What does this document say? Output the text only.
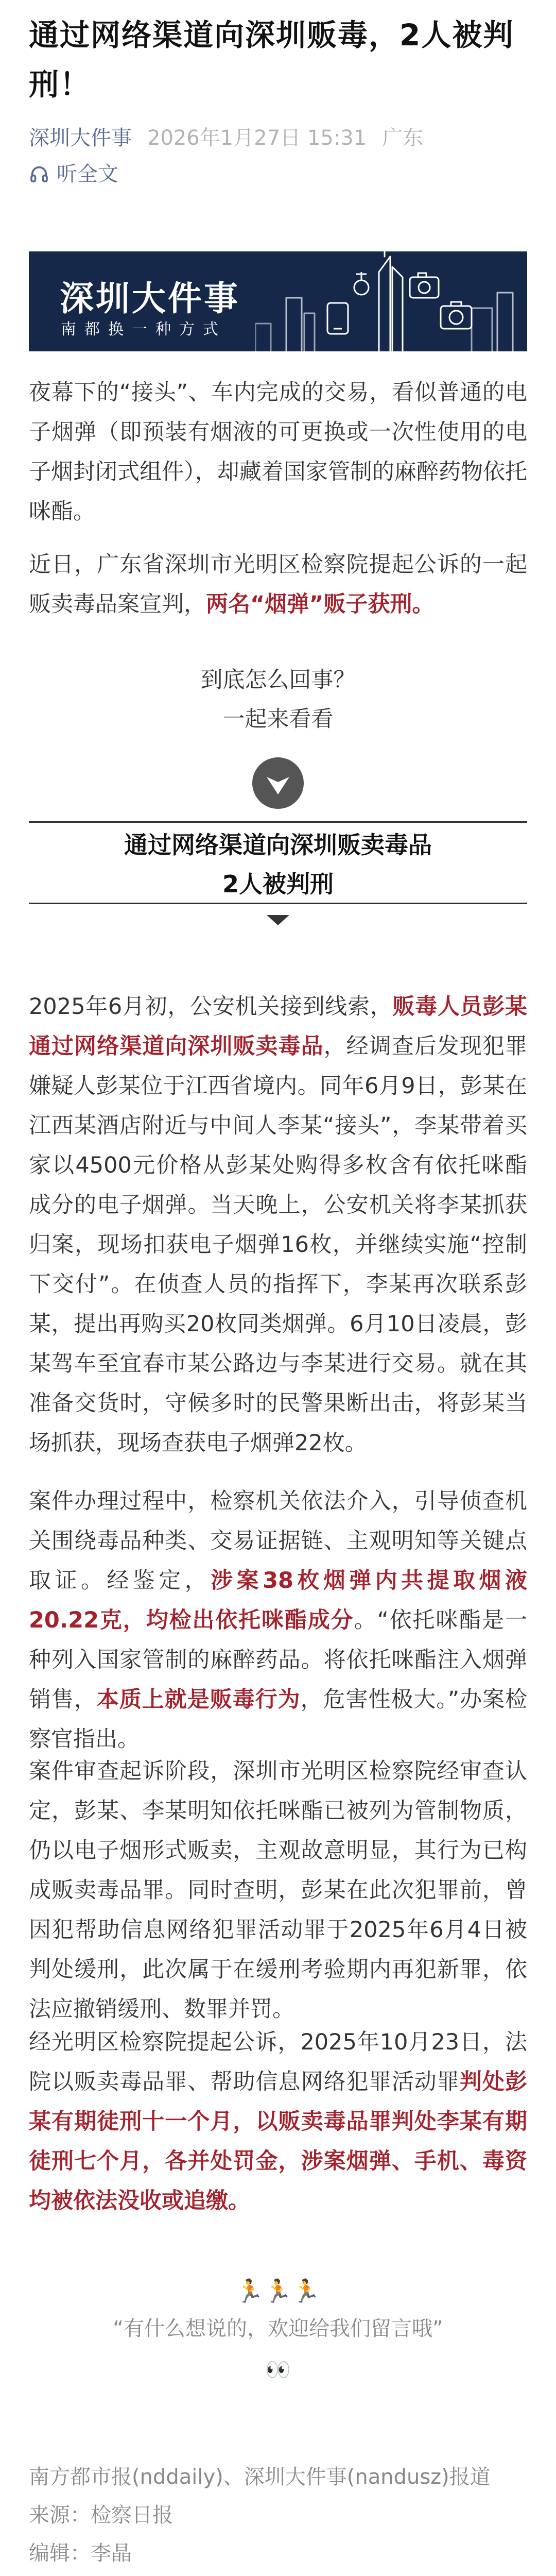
通过网络渠道向深圳贩毒，2人被判刑！
深圳大件事 2026年1月27日 15:31 广东
听全文
深圳大件事
南都换一种方式

夜幕下的“接头”、车内完成的交易，看似普通的电子烟弹（即预装有烟液的可更换或一次性使用的电子烟封闭式组件），却藏着国家管制的麻醉药物依托咪酯。

近日，广东省深圳市光明区检察院提起公诉的一起贩卖毒品案宣判，两名“烟弹”贩子获刑。

到底怎么回事？
一起来看看
通过网络渠道向深圳贩卖毒品
2人被判刑

2025年6月初，公安机关接到线索，贩毒人员彭某通过网络渠道向深圳贩卖毒品，经调查后发现犯罪嫌疑人彭某位于江西省境内。同年6月9日，彭某在江西某酒店附近与中间人李某“接头”，李某带着买家以4500元价格从彭某处购得多枚含有依托咪酯成分的电子烟弹。当天晚上，公安机关将李某抓获归案，现场扣获电子烟弹16枚，并继续实施“控制下交付”。在侦查人员的指挥下，李某再次联系彭某，提出再购买20枚同类烟弹。6月10日凌晨，彭某驾车至宜春市某公路边与李某进行交易。就在其准备交货时，守候多时的民警果断出击，将彭某当场抓获，现场查获电子烟弹22枚。

案件办理过程中，检察机关依法介入，引导侦查机关围绕毒品种类、交易证据链、主观明知等关键点取证。经鉴定，涉案38枚烟弹内共提取烟液20.22克，均检出依托咪酯成分。“依托咪酯是一种列入国家管制的麻醉药品。将依托咪酯注入烟弹销售，本质上就是贩毒行为，危害性极大。”办案检察官指出。

案件审查起诉阶段，深圳市光明区检察院经审查认定，彭某、李某明知依托咪酯已被列为管制物质，仍以电子烟形式贩卖，主观故意明显，其行为已构成贩卖毒品罪。同时查明，彭某在此次犯罪前，曾因犯帮助信息网络犯罪活动罪于2025年6月4日被判处缓刑，此次属于在缓刑考验期内再犯新罪，依法应撤销缓刑、数罪并罚。

经光明区检察院提起公诉，2025年10月23日，法院以贩卖毒品罪、帮助信息网络犯罪活动罪判处彭某有期徒刑十一个月，以贩卖毒品罪判处李某有期徒刑七个月，各并处罚金，涉案烟弹、手机、毒资均被依法没收或追缴。

🏃🏃🏃
“有什么想说的，欢迎给我们留言哦”
👀
南方都市报(nddaily)、深圳大件事(nandusz)报道
来源：检察日报
编辑：李晶
